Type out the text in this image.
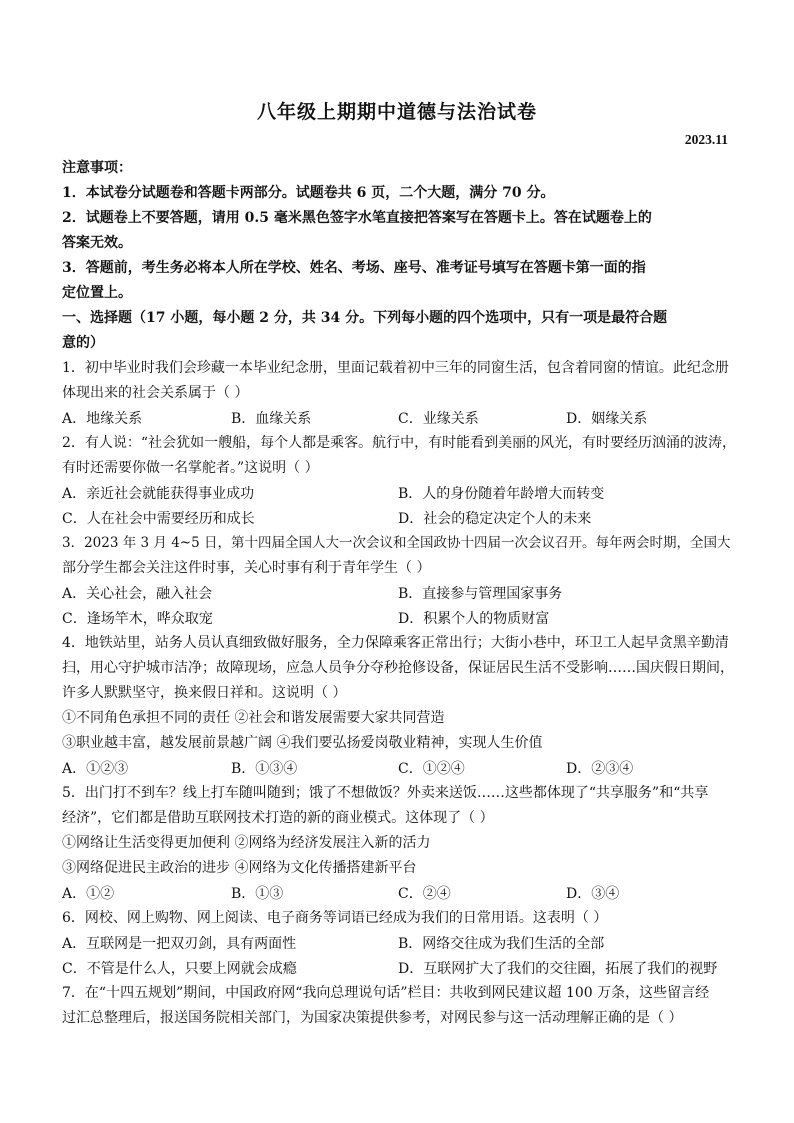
八年级上期期中道德与法治试卷
2023.11
注意事项：
1．本试卷分试题卷和答题卡两部分。试题卷共 6 页，二个大题，满分 70 分。
2．试题卷上不要答题，请用 0.5 毫米黑色签字水笔直接把答案写在答题卡上。答在试题卷上的
答案无效。
3．答题前，考生务必将本人所在学校、姓名、考场、座号、准考证号填写在答题卡第一面的指
定位置上。
一、选择题（17 小题，每小题 2 分，共 34 分。下列每小题的四个选项中，只有一项是最符合题
意的）
1．初中毕业时我们会珍藏一本毕业纪念册，里面记载着初中三年的同窗生活，包含着同窗的情谊。此纪念册
体现出来的社会关系属于（ ）
A．地缘关系	B．血缘关系	C．业缘关系	D．姻缘关系
2．有人说：“社会犹如一艘船，每个人都是乘客。航行中，有时能看到美丽的风光，有时要经历汹涌的波涛，
有时还需要你做一名掌舵者。”这说明（ ）
A．亲近社会就能获得事业成功	B．人的身份随着年龄增大而转变
C．人在社会中需要经历和成长	D．社会的稳定决定个人的未来
3．2023 年 3 月 4~5 日，第十四届全国人大一次会议和全国政协十四届一次会议召开。每年两会时期，全国大
部分学生都会关注这件时事，关心时事有利于青年学生（ ）
A．关心社会，融入社会	B．直接参与管理国家事务
C．逢场竿木，哗众取宠	D．积累个人的物质财富
4．地铁站里，站务人员认真细致做好服务，全力保障乘客正常出行；大街小巷中，环卫工人起早贪黑辛勤清
扫，用心守护城市洁净；故障现场，应急人员争分夺秒抢修设备，保证居民生活不受影响……国庆假日期间，
许多人默默坚守，换来假日祥和。这说明（ ）
①不同角色承担不同的责任 ②社会和谐发展需要大家共同营造
③职业越丰富，越发展前景越广阔 ④我们要弘扬爱岗敬业精神，实现人生价值
A．①②③	B．①③④	C．①②④	D．②③④
5．出门打不到车？线上打车随叫随到；饿了不想做饭？外卖来送饭……这些都体现了“共享服务”和“共享
经济”，它们都是借助互联网技术打造的新的商业模式。这体现了（ ）
①网络让生活变得更加便利 ②网络为经济发展注入新的活力
③网络促进民主政治的进步 ④网络为文化传播搭建新平台
A．①②	B．①③	C．②④	D．③④
6．网校、网上购物、网上阅读、电子商务等词语已经成为我们的日常用语。这表明（ ）
A．互联网是一把双刃剑，具有两面性	B．网络交往成为我们生活的全部
C．不管是什么人，只要上网就会成瘾	D．互联网扩大了我们的交往圈，拓展了我们的视野
7．在“十四五规划”期间，中国政府网“我向总理说句话”栏目：共收到网民建议超 100 万条，这些留言经
过汇总整理后，报送国务院相关部门，为国家决策提供参考，对网民参与这一活动理解正确的是（ ）
